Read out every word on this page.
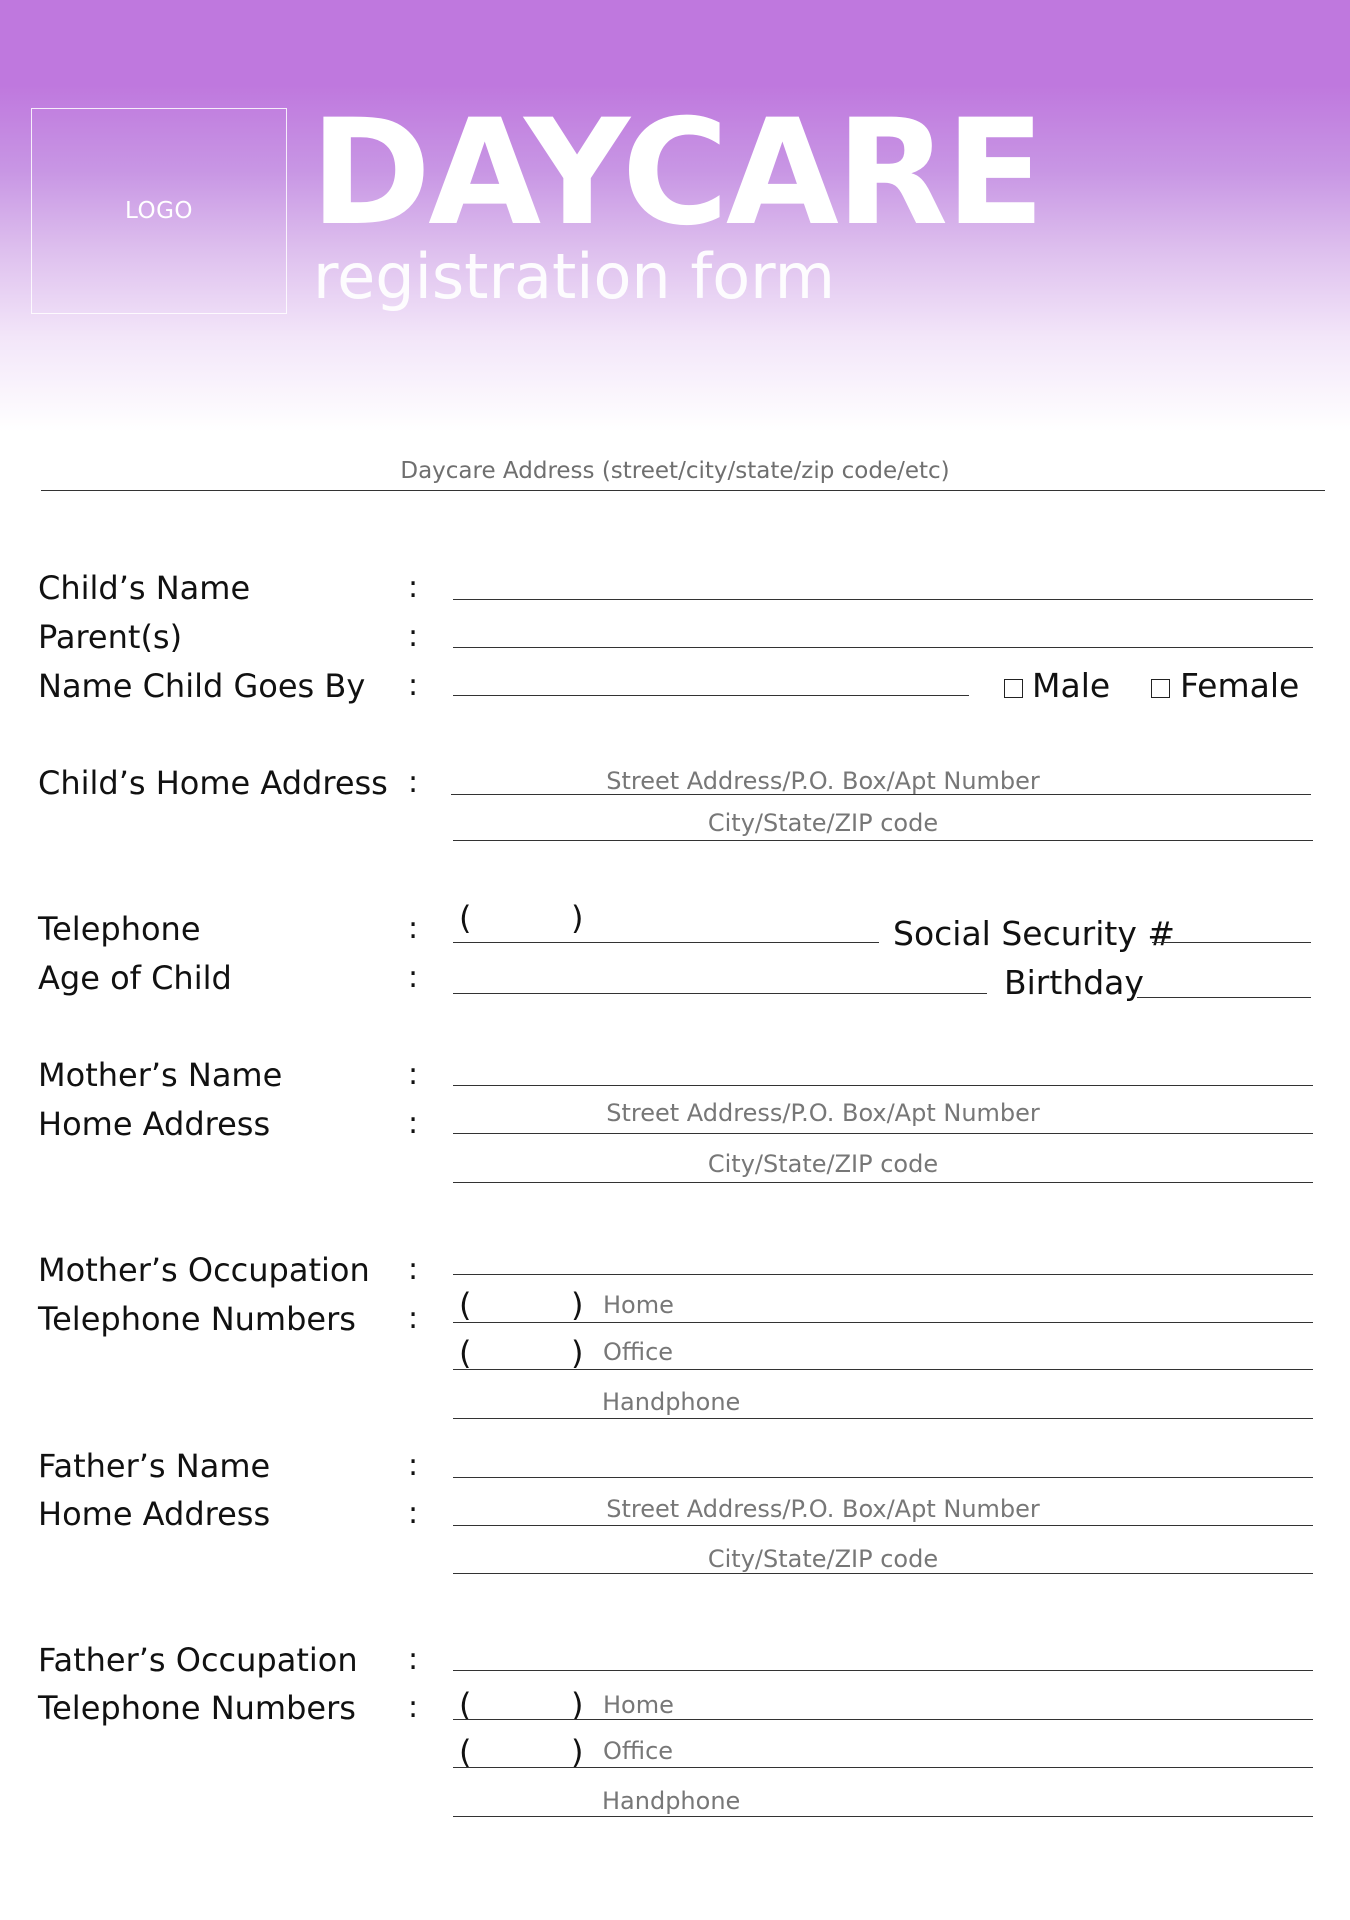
LOGO DAYCARE
registration form
Daycare Address (street/city/state/zip code/etc)
Child’s Name	:
Parent(s)	:
Name Child Goes By :	Male Female
Child’s Home Address :	Street Address/P.O. Box/Apt Number
City/State/ZIP code
Telephone	: (	)	Social Security #
Age of Child	:	Birthday
Mother’s Name	:
Home Address	:	Street Address/P.O. Box/Apt Number
City/State/ZIP code
Mother’s Occupation :
Telephone Numbers : (	) Home
(	) Office
Handphone
Father’s Name	:
Home Address	:	Street Address/P.O. Box/Apt Number
City/State/ZIP code
Father’s Occupation :
Telephone Numbers : (	) Home
(	) Office
Handphone
